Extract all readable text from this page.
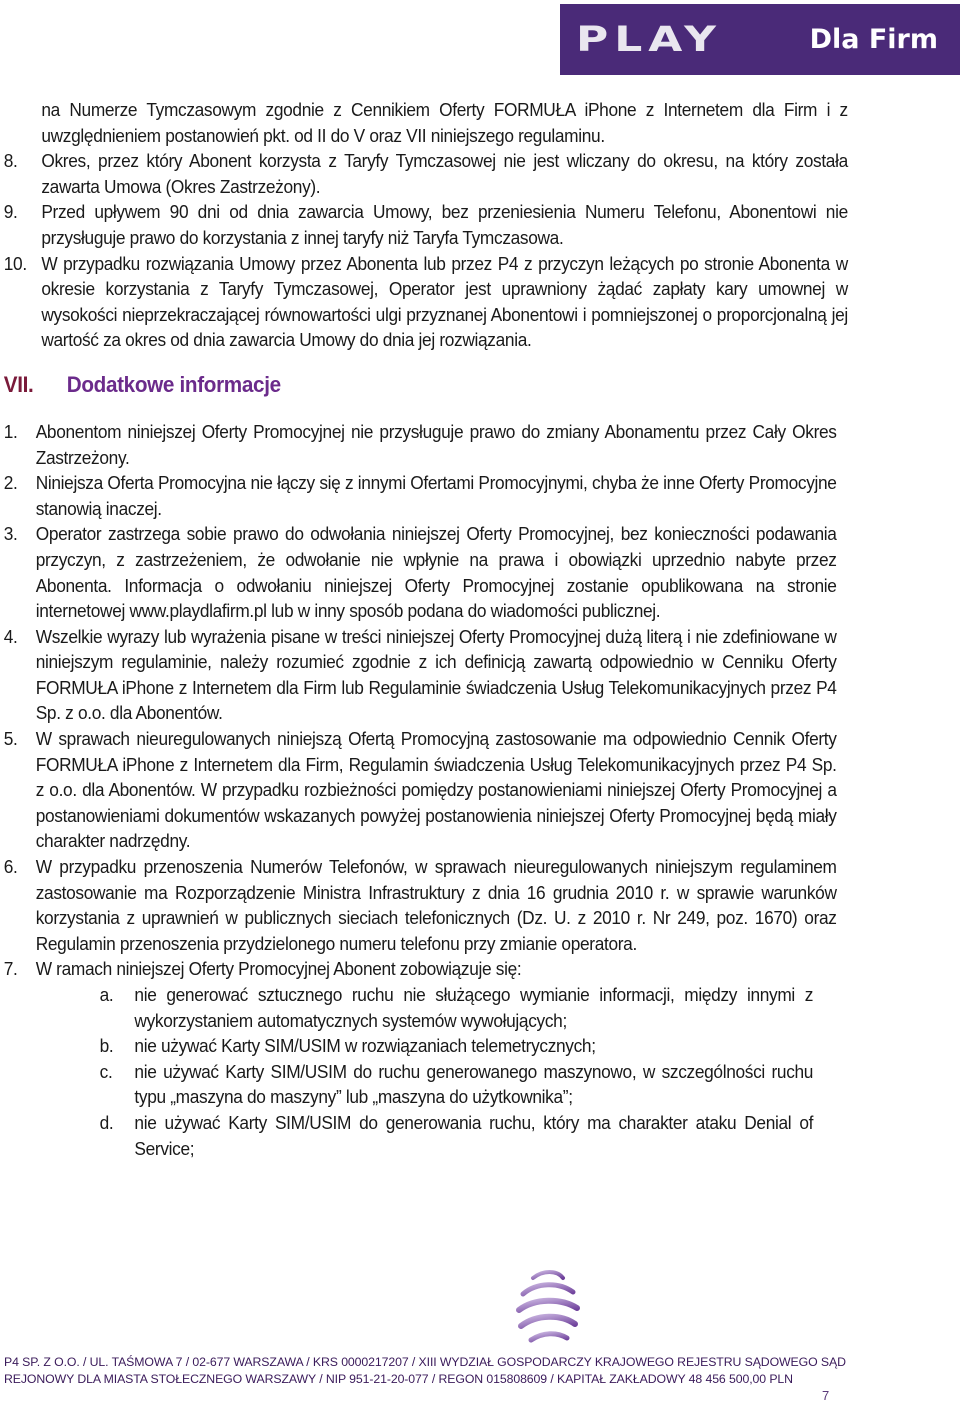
PLAY	Dla Firm
na Numerze Tymczasowym zgodnie z Cennikiem Oferty FORMUŁA iPhone z Internetem dla Firm i z uwzględnieniem postanowień pkt. od II do V oraz VII niniejszego regulaminu.
8. Okres, przez który Abonent korzysta z Taryfy Tymczasowej nie jest wliczany do okresu, na który została zawarta Umowa (Okres Zastrzeżony).
9. Przed upływem 90 dni od dnia zawarcia Umowy, bez przeniesienia Numeru Telefonu, Abonentowi nie przysługuje prawo do korzystania z innej taryfy niż Taryfa Tymczasowa.
10. W przypadku rozwiązania Umowy przez Abonenta lub przez P4 z przyczyn leżących po stronie Abonenta w okresie korzystania z Taryfy Tymczasowej, Operator jest uprawniony żądać zapłaty kary umownej w wysokości nieprzekraczającej równowartości ulgi przyznanej Abonentowi i pomniejszonej o proporcjonalną jej wartość za okres od dnia zawarcia Umowy do dnia jej rozwiązania.
VII. Dodatkowe informacje
1. Abonentom niniejszej Oferty Promocyjnej nie przysługuje prawo do zmiany Abonamentu przez Cały Okres Zastrzeżony.
2. Niniejsza Oferta Promocyjna nie łączy się z innymi Ofertami Promocyjnymi, chyba że inne Oferty Promocyjne stanowią inaczej.
3. Operator zastrzega sobie prawo do odwołania niniejszej Oferty Promocyjnej, bez konieczności podawania przyczyn, z zastrzeżeniem, że odwołanie nie wpłynie na prawa i obowiązki uprzednio nabyte przez Abonenta. Informacja o odwołaniu niniejszej Oferty Promocyjnej zostanie opublikowana na stronie internetowej www.playdlafirm.pl lub w inny sposób podana do wiadomości publicznej.
4. Wszelkie wyrazy lub wyrażenia pisane w treści niniejszej Oferty Promocyjnej dużą literą i nie zdefiniowane w niniejszym regulaminie, należy rozumieć zgodnie z ich definicją zawartą odpowiednio w Cenniku Oferty FORMUŁA iPhone z Internetem dla Firm lub Regulaminie świadczenia Usług Telekomunikacyjnych przez P4 Sp. z o.o. dla Abonentów.
5. W sprawach nieuregulowanych niniejszą Ofertą Promocyjną zastosowanie ma odpowiednio Cennik Oferty FORMUŁA iPhone z Internetem dla Firm, Regulamin świadczenia Usług Telekomunikacyjnych przez P4 Sp. z o.o. dla Abonentów. W przypadku rozbieżności pomiędzy postanowieniami niniejszej Oferty Promocyjnej a postanowieniami dokumentów wskazanych powyżej postanowienia niniejszej Oferty Promocyjnej będą miały charakter nadrzędny.
6. W przypadku przenoszenia Numerów Telefonów, w sprawach nieuregulowanych niniejszym regulaminem zastosowanie ma Rozporządzenie Ministra Infrastruktury z dnia 16 grudnia 2010 r. w sprawie warunków korzystania z uprawnień w publicznych sieciach telefonicznych (Dz. U. z 2010 r. Nr 249, poz. 1670) oraz Regulamin przenoszenia przydzielonego numeru telefonu przy zmianie operatora.
7. W ramach niniejszej Oferty Promocyjnej Abonent zobowiązuje się:
a. nie generować sztucznego ruchu nie służącego wymianie informacji, między innymi z wykorzystaniem automatycznych systemów wywołujących;
b. nie używać Karty SIM/USIM w rozwiązaniach telemetrycznych;
c. nie używać Karty SIM/USIM do ruchu generowanego maszynowo, w szczególności ruchu typu „maszyna do maszyny” lub „maszyna do użytkownika”;
d. nie używać Karty SIM/USIM do generowania ruchu, który ma charakter ataku Denial of Service;
P4 SP. Z O.O. / UL. TAŚMOWA 7 / 02-677 WARSZAWA / KRS 0000217207 / XIII WYDZIAŁ GOSPODARCZY KRAJOWEGO REJESTRU SĄDOWEGO SĄD
REJONOWY DLA MIASTA STOŁECZNEGO WARSZAWY / NIP 951-21-20-077 / REGON 015808609 / KAPITAŁ ZAKŁADOWY 48 456 500,00 PLN
7
